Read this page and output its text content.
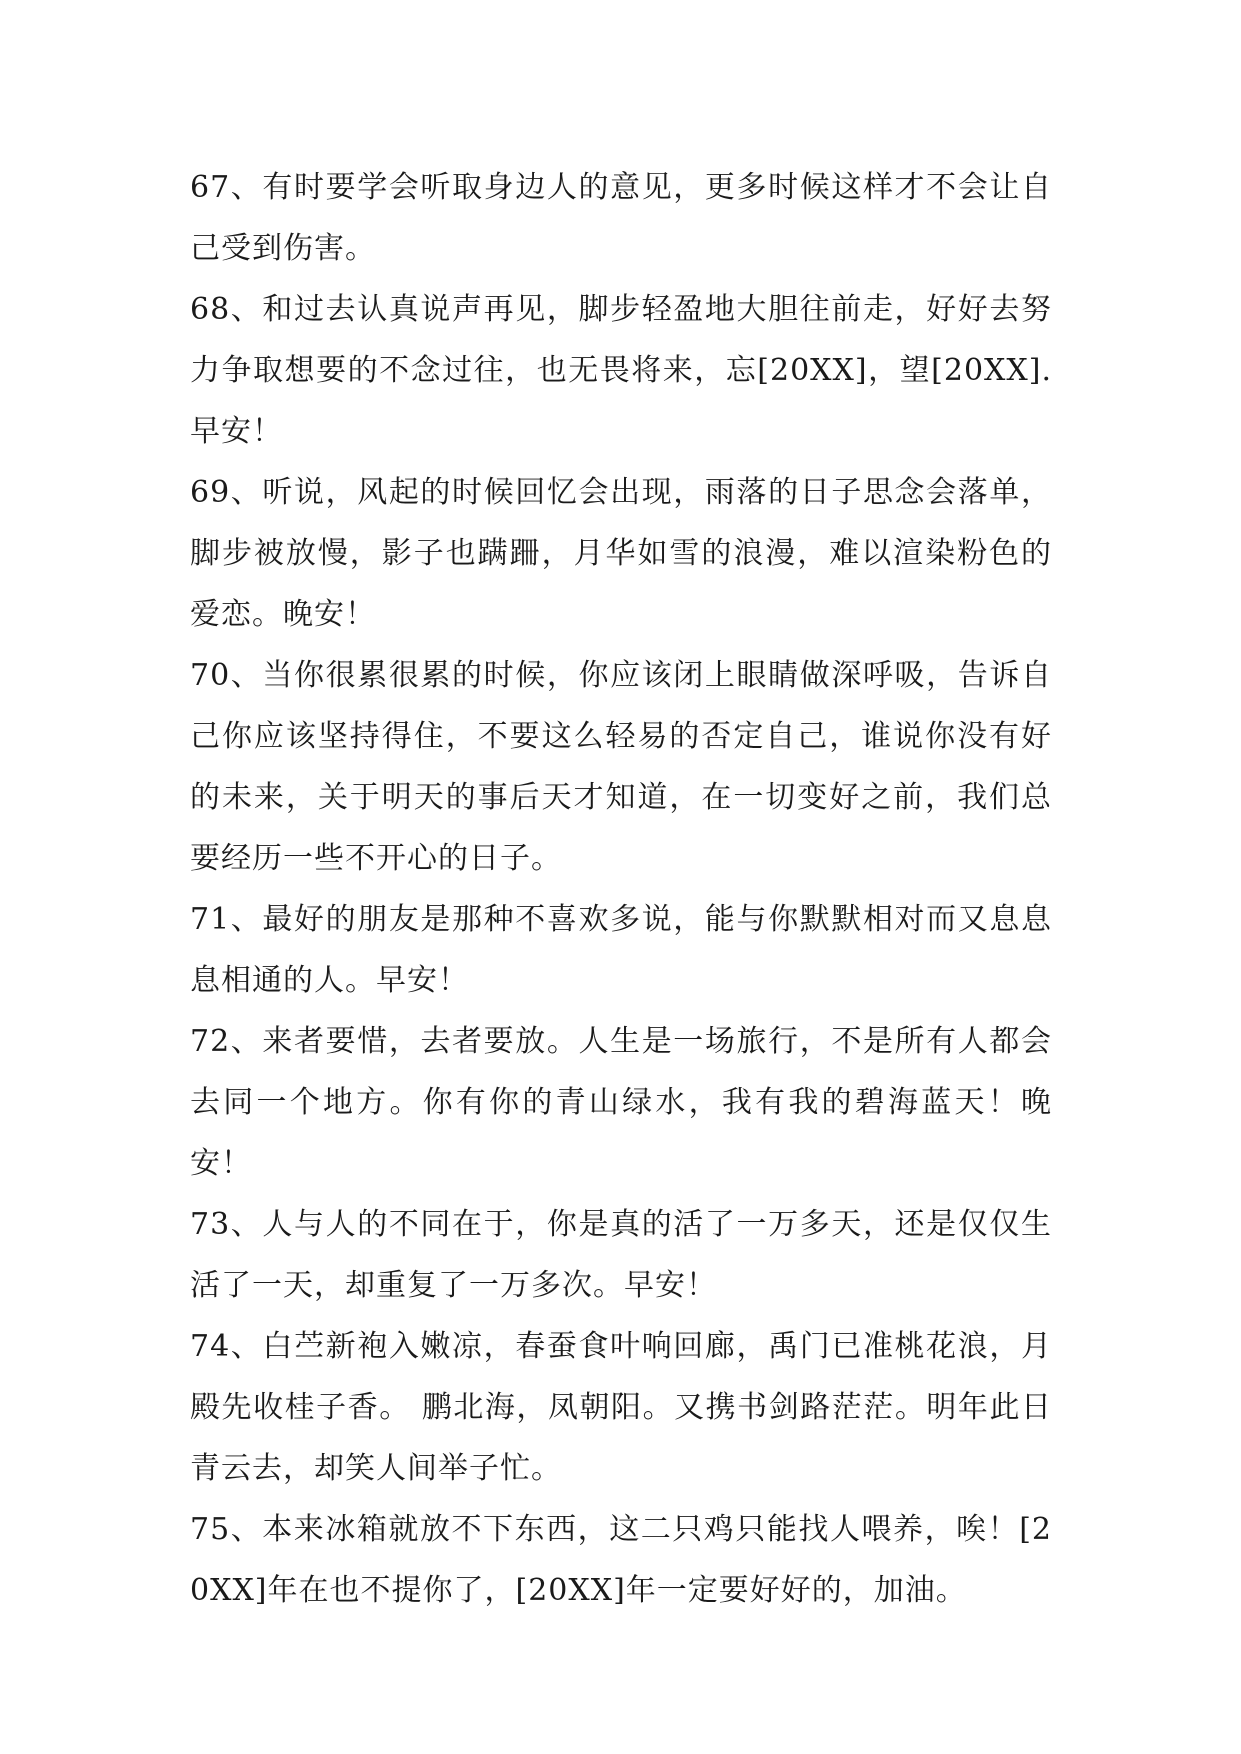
67、有时要学会听取身边人的意见，更多时候这样才不会让自己受到伤害。

68、和过去认真说声再见，脚步轻盈地大胆往前走，好好去努力争取想要的不念过往，也无畏将来，忘[20XX]，望[20XX].早安！

69、听说，风起的时候回忆会出现，雨落的日子思念会落单，脚步被放慢，影子也蹒跚，月华如雪的浪漫，难以渲染粉色的爱恋。晚安！

70、当你很累很累的时候，你应该闭上眼睛做深呼吸，告诉自己你应该坚持得住，不要这么轻易的否定自己，谁说你没有好的未来，关于明天的事后天才知道，在一切变好之前，我们总要经历一些不开心的日子。

71、最好的朋友是那种不喜欢多说，能与你默默相对而又息息息相通的人。早安！

72、来者要惜，去者要放。人生是一场旅行，不是所有人都会去同一个地方。你有你的青山绿水，我有我的碧海蓝天！晚安！

73、人与人的不同在于，你是真的活了一万多天，还是仅仅生活了一天，却重复了一万多次。早安！

74、白苎新袍入嫩凉，春蚕食叶响回廊，禹门已准桃花浪，月殿先收桂子香。 鹏北海，凤朝阳。又携书剑路茫茫。明年此日青云去，却笑人间举子忙。

75、本来冰箱就放不下东西，这二只鸡只能找人喂养，唉！[20XX]年在也不提你了，[20XX]年一定要好好的，加油。
